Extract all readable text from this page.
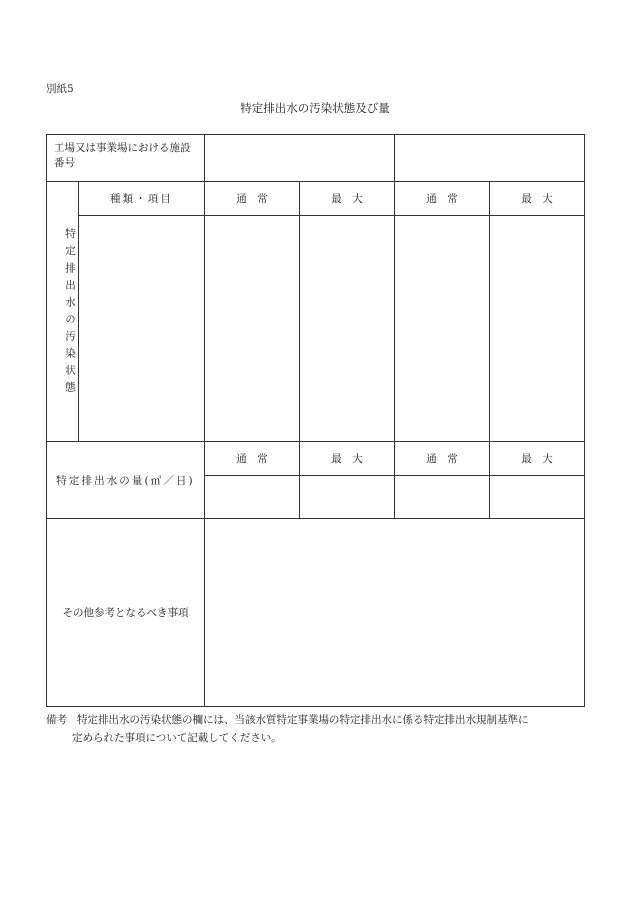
別紙5
特定排出水の汚染状態及び量
工場又は事業場における施設番号					
特定排出水の汚染状態	種類・項目	通　常	最　大	通　常	最　大

特定排出水の量(㎥／日)		通　常	最　大	通　常	最　大

その他参考となるべき事項					
備考 特定排出水の汚染状態の欄には、当該水質特定事業場の特定排出水に係る特定排出水規制基準に
定められた事項について記載してください。
